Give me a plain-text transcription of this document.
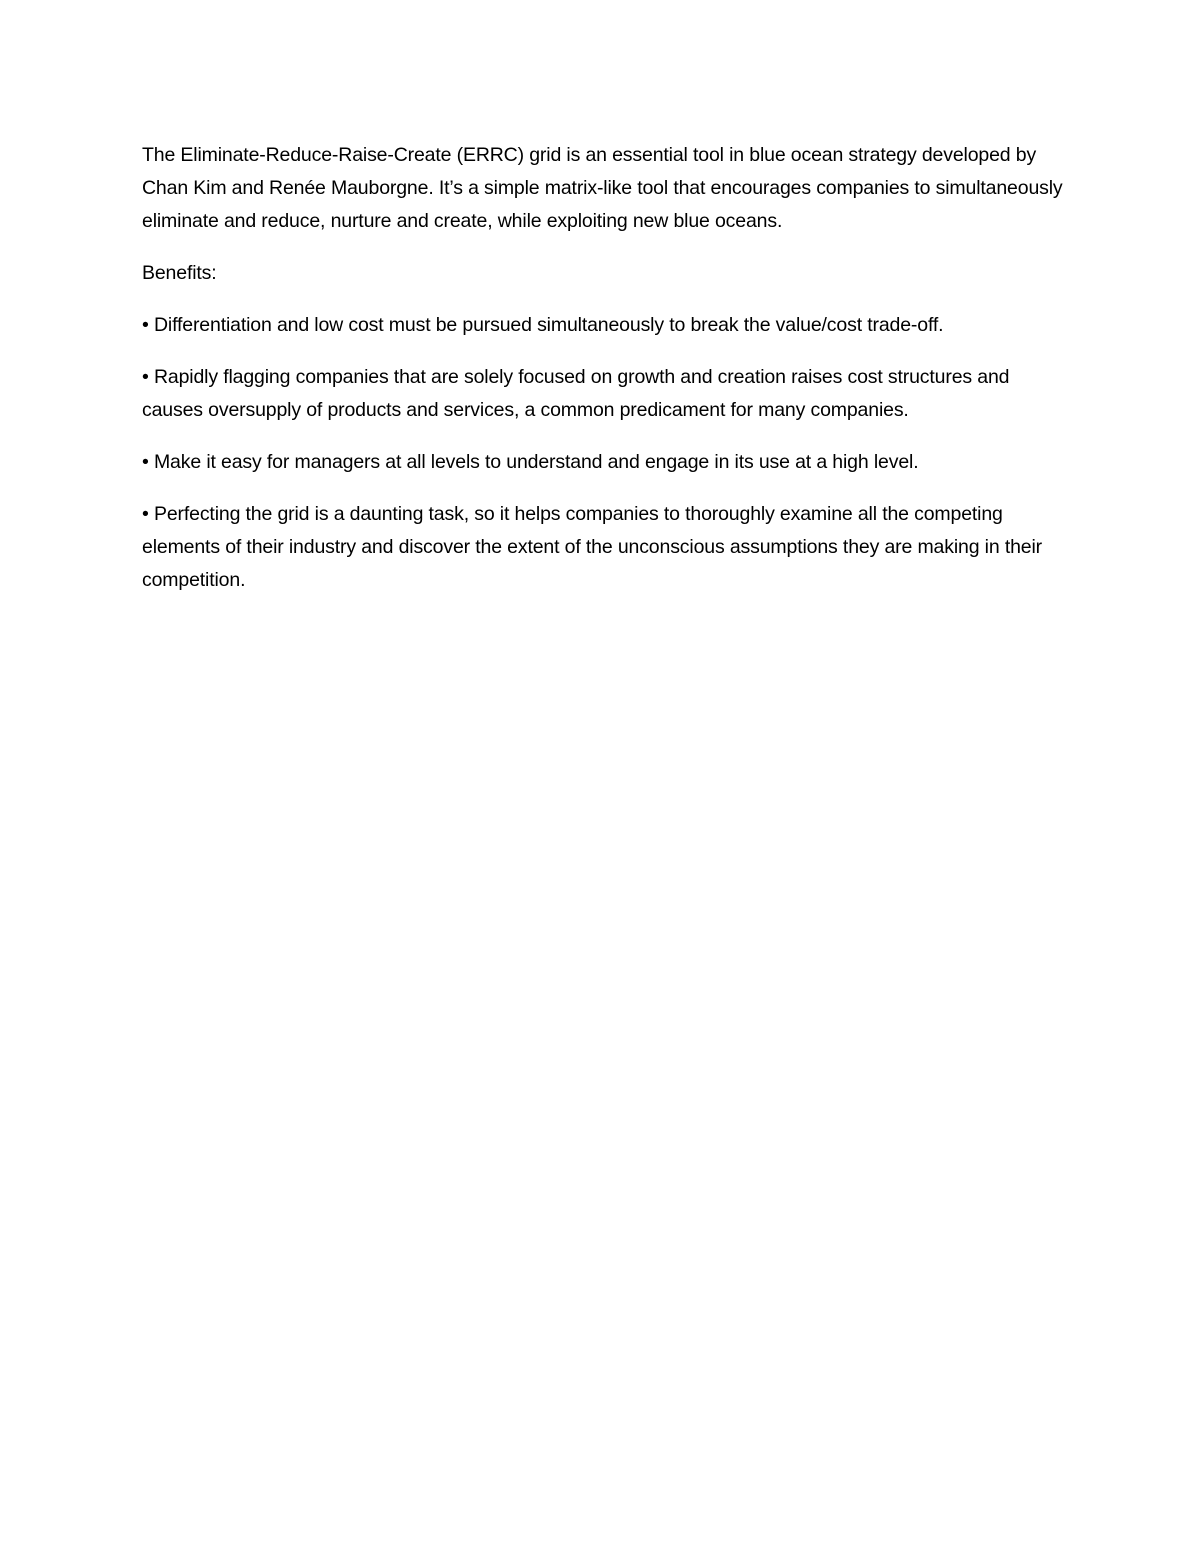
The Eliminate-Reduce-Raise-Create (ERRC) grid is an essential tool in blue ocean strategy developed by Chan Kim and Renée Mauborgne. It’s a simple matrix-like tool that encourages companies to simultaneously eliminate and reduce, nurture and create, while exploiting new blue oceans.

Benefits:

• Differentiation and low cost must be pursued simultaneously to break the value/cost trade-off.

• Rapidly flagging companies that are solely focused on growth and creation raises cost structures and causes oversupply of products and services, a common predicament for many companies.

• Make it easy for managers at all levels to understand and engage in its use at a high level.

• Perfecting the grid is a daunting task, so it helps companies to thoroughly examine all the competing elements of their industry and discover the extent of the unconscious assumptions they are making in their competition.
